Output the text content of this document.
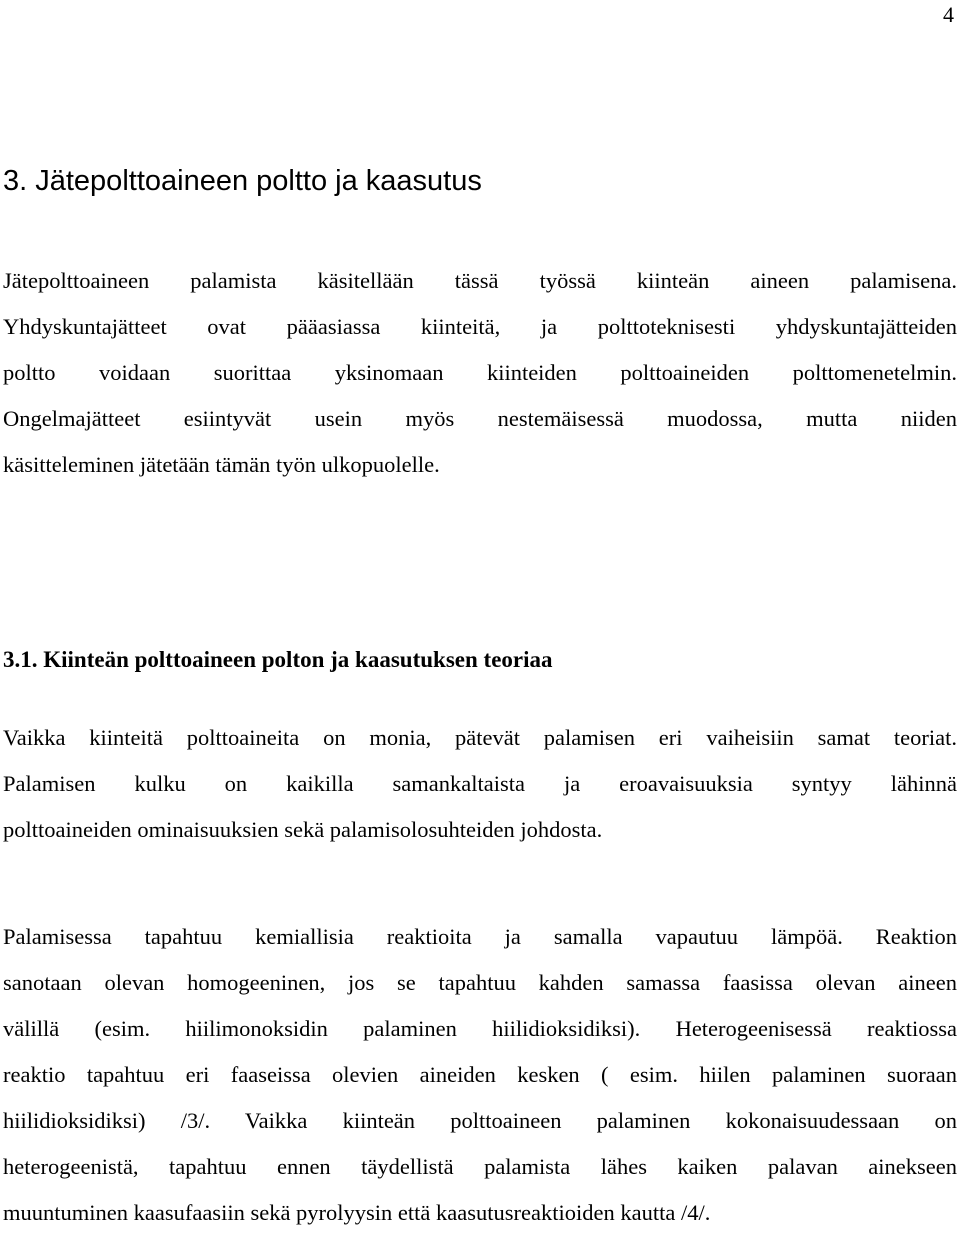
4
3. Jätepolttoaineen poltto ja kaasutus
Jätepolttoaineen palamista käsitellään tässä työssä kiinteän aineen palamisena.
Yhdyskuntajätteet ovat pääasiassa kiinteitä, ja polttoteknisesti yhdyskuntajätteiden
poltto voidaan suorittaa yksinomaan kiinteiden polttoaineiden polttomenetelmin.
Ongelmajätteet esiintyvät usein myös nestemäisessä muodossa, mutta niiden
käsitteleminen jätetään tämän työn ulkopuolelle.
3.1. Kiinteän polttoaineen polton ja kaasutuksen teoriaa
Vaikka kiinteitä polttoaineita on monia, pätevät palamisen eri vaiheisiin samat teoriat.
Palamisen kulku on kaikilla samankaltaista ja eroavaisuuksia syntyy lähinnä
polttoaineiden ominaisuuksien sekä palamisolosuhteiden johdosta.
Palamisessa tapahtuu kemiallisia reaktioita ja samalla vapautuu lämpöä. Reaktion
sanotaan olevan homogeeninen, jos se tapahtuu kahden samassa faasissa olevan aineen
välillä (esim. hiilimonoksidin palaminen hiilidioksidiksi). Heterogeenisessä reaktiossa
reaktio tapahtuu eri faaseissa olevien aineiden kesken ( esim. hiilen palaminen suoraan
hiilidioksidiksi) /3/. Vaikka kiinteän polttoaineen palaminen kokonaisuudessaan on
heterogeenistä, tapahtuu ennen täydellistä palamista lähes kaiken palavan ainekseen
muuntuminen kaasufaasiin sekä pyrolyysin että kaasutusreaktioiden kautta /4/.
